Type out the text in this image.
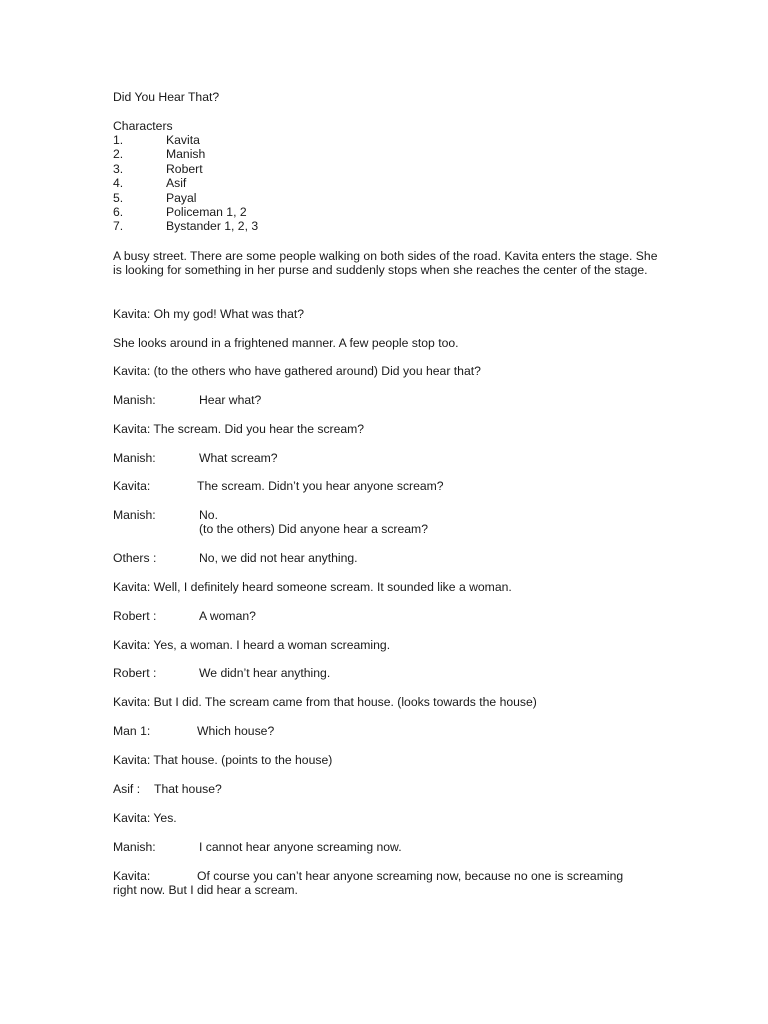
Did You Hear That?
Characters
1.	Kavita
2.	Manish
3.	Robert
4.	Asif
5.	Payal
6.	Policeman 1, 2
7.	Bystander 1, 2, 3
A busy street. There are some people walking on both sides of the road. Kavita enters the stage. She is looking for something in her purse and suddenly stops when she reaches the center of the stage.
Kavita: Oh my god! What was that?
She looks around in a frightened manner. A few people stop too.
Kavita: (to the others who have gathered around) Did you hear that?
Manish:	Hear what?
Kavita: The scream. Did you hear the scream?
Manish:	What scream?
Kavita:	The scream. Didn’t you hear anyone scream?
Manish:	No.
(to the others) Did anyone hear a scream?
Others :	No, we did not hear anything.
Kavita: Well, I definitely heard someone scream. It sounded like a woman.
Robert :	A woman?
Kavita: Yes, a woman. I heard a woman screaming.
Robert :	We didn’t hear anything.
Kavita: But I did. The scream came from that house. (looks towards the house)
Man 1:	Which house?
Kavita: That house. (points to the house)
Asif : That house?
Kavita: Yes.
Manish:	I cannot hear anyone screaming now.
Kavita:	Of course you can’t hear anyone screaming now, because no one is screaming
right now. But I did hear a scream.
